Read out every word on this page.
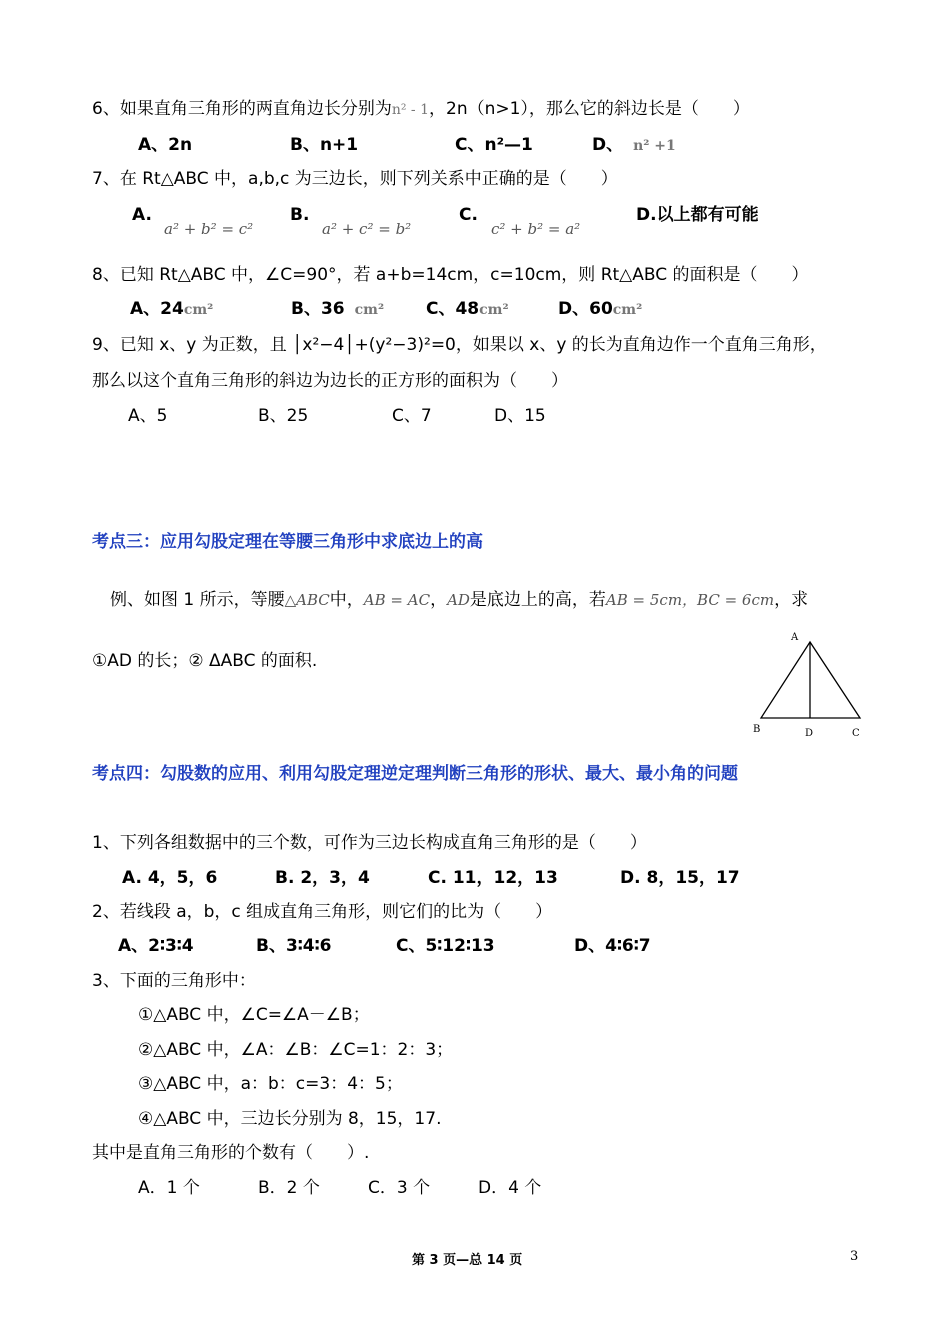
6、如果直角三角形的两直角边长分别为n² - 1，2n（n>1），那么它的斜边长是（　　）
A、2n	B、n+1	C、n²—1	D、 n² +1
7、在 Rt△ABC 中，a,b,c 为三边长，则下列关系中正确的是（　　）
A.
a² + b² = c²
B.
a² + c² = b²
C.
c² + b² = a²
D.以上都有可能
8、已知 Rt△ABC 中，∠C=90°，若 a+b=14cm，c=10cm，则 Rt△ABC 的面积是（　　）
A、24cm²	B、36 cm² C、48cm²	D、60cm²
9、已知 x、y 为正数，且 │x²−4│+(y²−3)²=0，如果以 x、y 的长为直角边作一个直角三角形，
那么以这个直角三角形的斜边为边长的正方形的面积为（　　）
A、5	B、25	C、7	D、15
考点三：应用勾股定理在等腰三角形中求底边上的高
例、如图 1 所示，等腰△ABC中，AB = AC，AD是底边上的高，若AB = 5cm，BC = 6cm，求
①AD 的长；② ΔABC 的面积.
A
B	D	C
考点四：勾股数的应用、利用勾股定理逆定理判断三角形的形状、最大、最小角的问题
1、下列各组数据中的三个数，可作为三边长构成直角三角形的是（　　）
A. 4，5，6	B. 2，3，4	C. 11，12，13	D. 8，15，17
2、若线段 a，b，c 组成直角三角形，则它们的比为（　　）
A、2∶3∶4	B、3∶4∶6	C、5∶12∶13	D、4∶6∶7
3、下面的三角形中：
①△ABC 中，∠C=∠A－∠B；
②△ABC 中，∠A：∠B：∠C=1：2：3；
③△ABC 中，a：b：c=3：4：5；
④△ABC 中，三边长分别为 8，15，17.
其中是直角三角形的个数有（　　）.
A．1 个	B．2 个	C．3 个	D．4 个
第 3 页—总 14 页	3
